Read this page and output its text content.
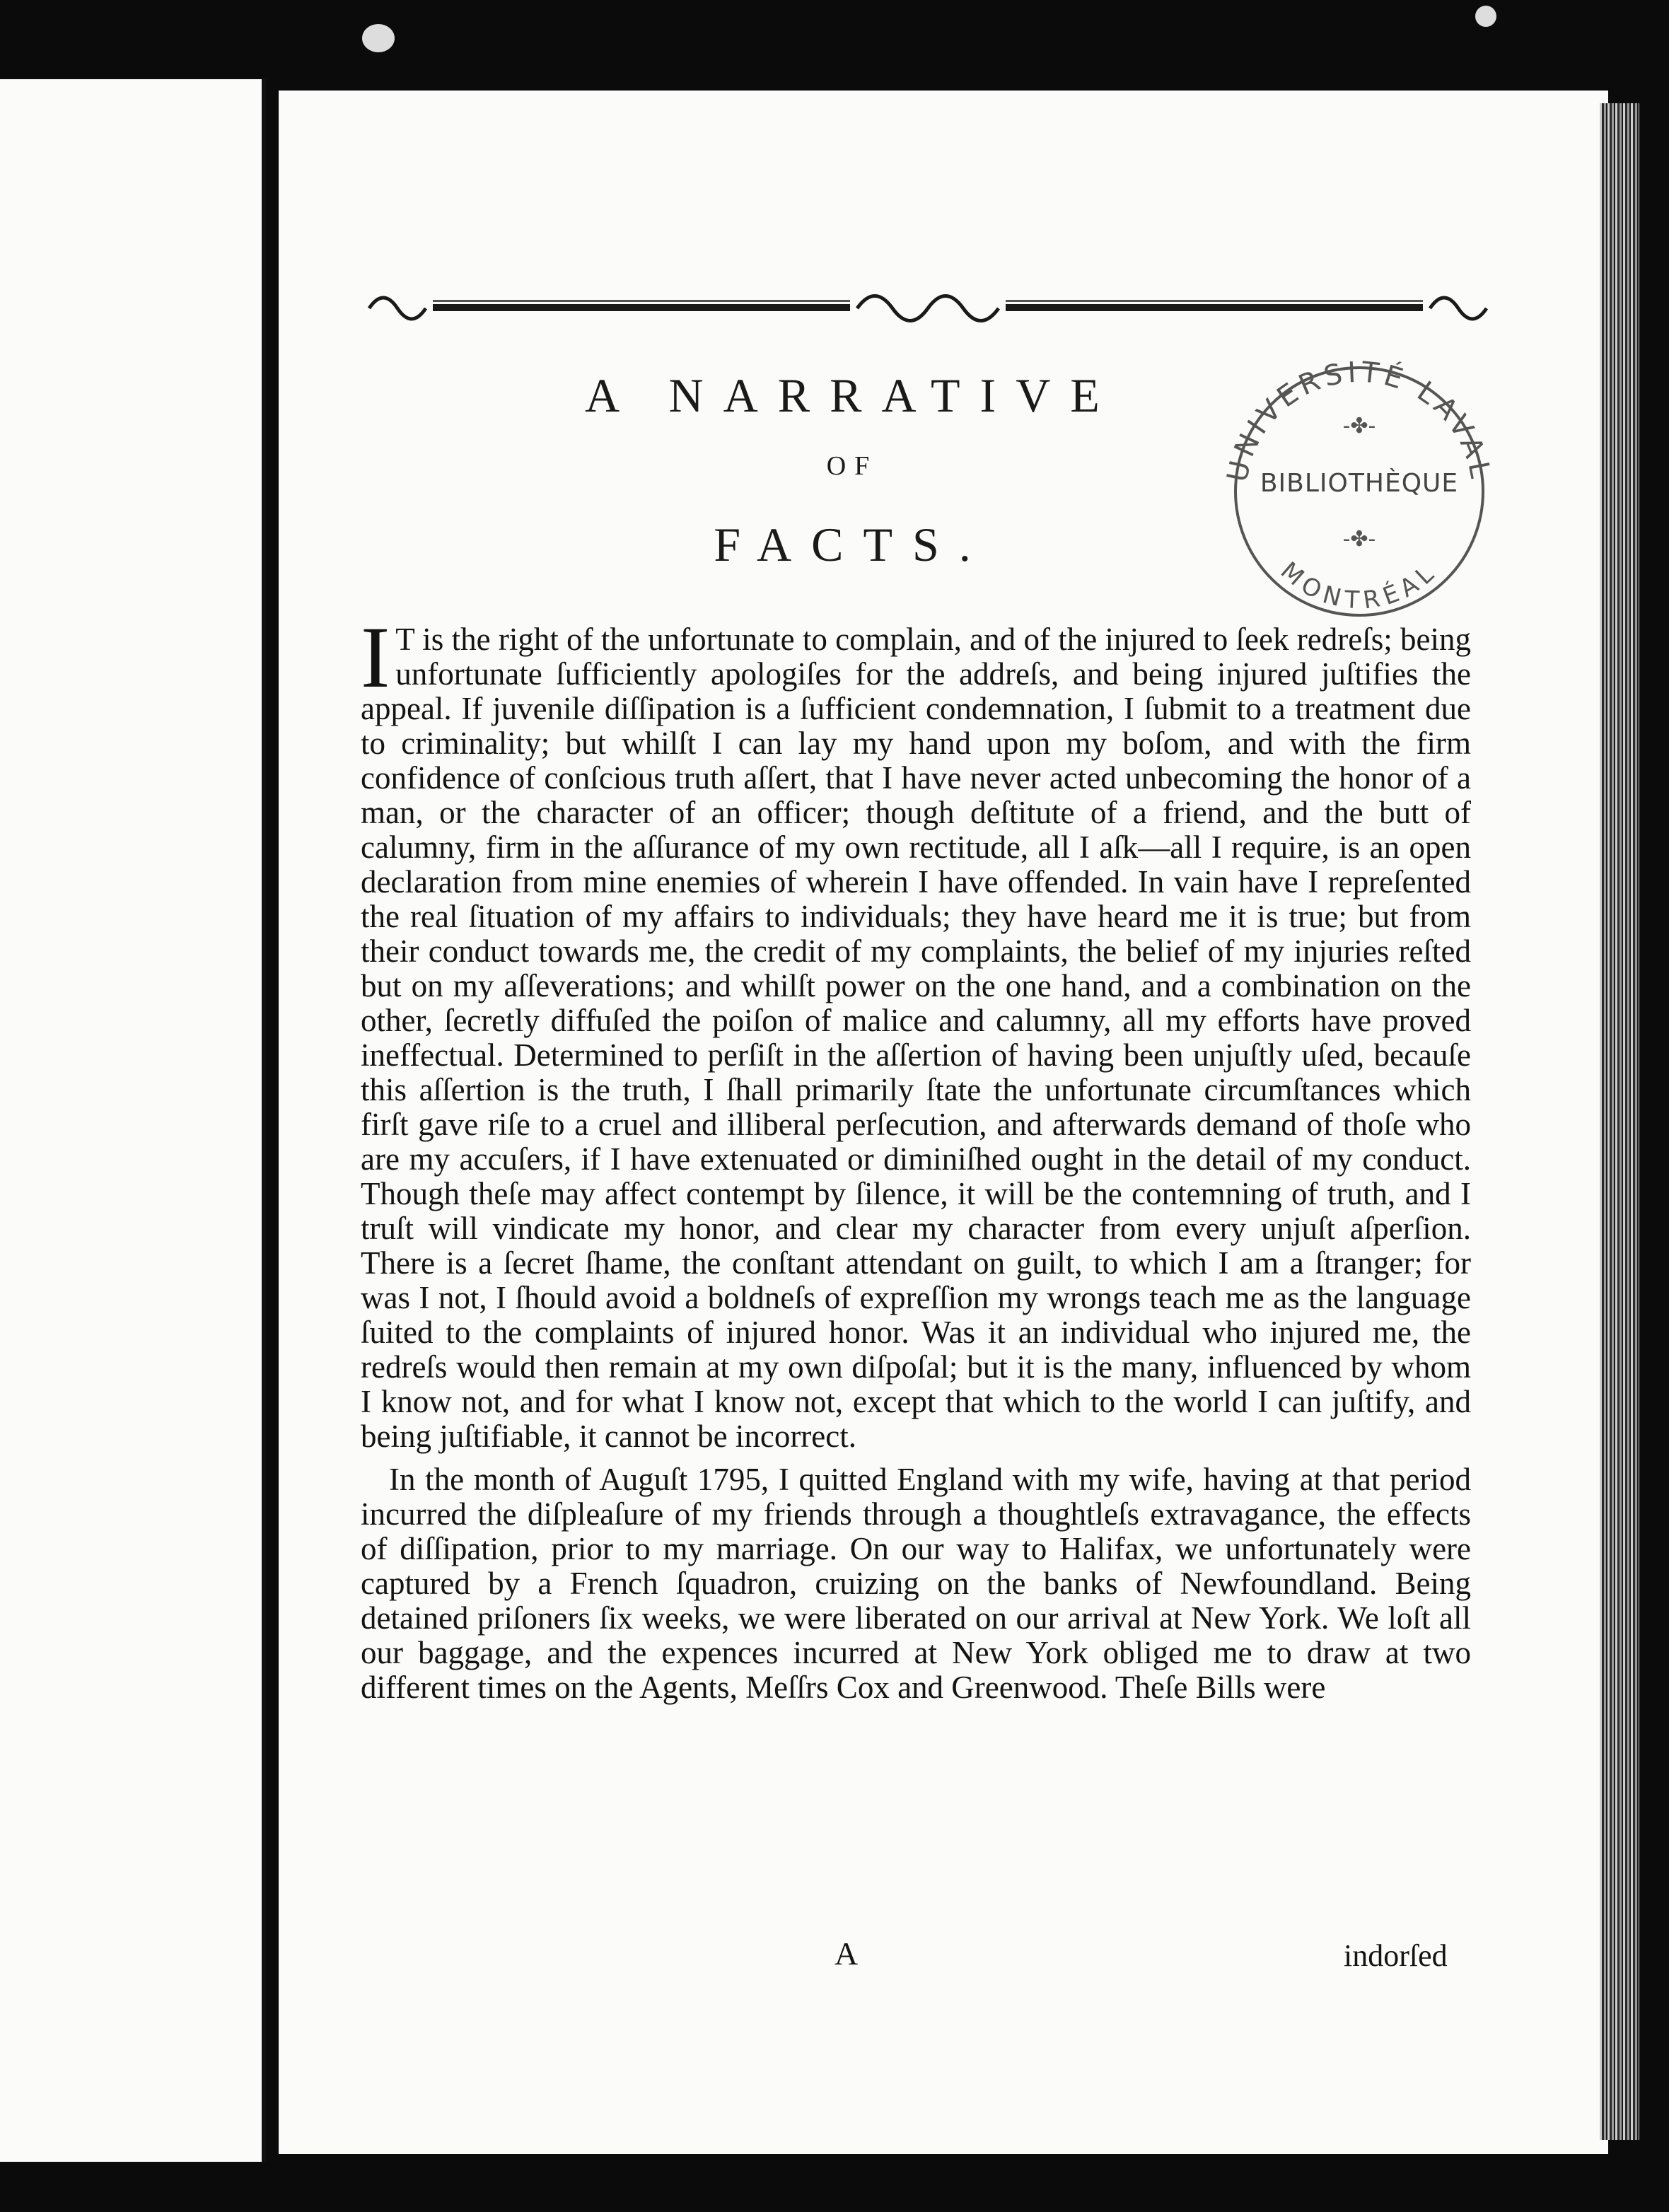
A NARRATIVE
OF
FACTS.
UNIVERSITÉ LAVAL
MONTRÉAL
-✤-
-✤-
BIBLIOTHÈQUE

I T is the right of the unfortunate to complain, and of the injured to ſeek redreſs; being unfortunate ſufficiently apologiſes for the addreſs, and being injured juſtifies the appeal. If juvenile diſſipation is a ſufficient condemnation, I ſubmit to a treatment due to criminality; but whilſt I can lay my hand upon my boſom, and with the firm confidence of conſcious truth aſſert, that I have never acted unbecoming the honor of a man, or the character of an officer; though deſtitute of a friend, and the butt of calumny, firm in the aſſurance of my own rectitude, all I aſk—all I require, is an open declaration from mine enemies of wherein I have offended. In vain have I repreſented the real ſituation of my affairs to individuals; they have heard me it is true; but from their conduct towards me, the credit of my complaints, the belief of my injuries reſted but on my aſſeverations; and whilſt power on the one hand, and a combination on the other, ſecretly diffuſed the poiſon of malice and calumny, all my efforts have proved ineffectual. Determined to perſiſt in the aſſertion of having been unjuſtly uſed, becauſe this aſſertion is the truth, I ſhall primarily ſtate the unfortunate circumſtances which firſt gave riſe to a cruel and illiberal perſecution, and afterwards demand of thoſe who are my accuſers, if I have extenuated or diminiſhed ought in the detail of my conduct. Though theſe may affect contempt by ſilence, it will be the contemning of truth, and I truſt will vindicate my honor, and clear my character from every unjuſt aſperſion. There is a ſecret ſhame, the conſtant attendant on guilt, to which I am a ſtranger; for was I not, I ſhould avoid a boldneſs of expreſſion my wrongs teach me as the language ſuited to the complaints of injured honor. Was it an individual who injured me, the redreſs would then remain at my own diſpoſal; but it is the many, influenced by whom I know not, and for what I know not, except that which to the world I can juſtify, and being juſtifiable, it cannot be incorrect.

In the month of Auguſt 1795, I quitted England with my wife, having at that period incurred the diſpleaſure of my friends through a thoughtleſs extravagance, the effects of diſſipation, prior to my marriage. On our way to Halifax, we unfortunately were captured by a French ſquadron, cruizing on the banks of Newfoundland. Being detained priſoners ſix weeks, we were liberated on our arrival at New York. We loſt all our baggage, and the expences incurred at New York obliged me to draw at two different times on the Agents, Meſſrs Cox and Greenwood. Theſe Bills were

A	indorſed
